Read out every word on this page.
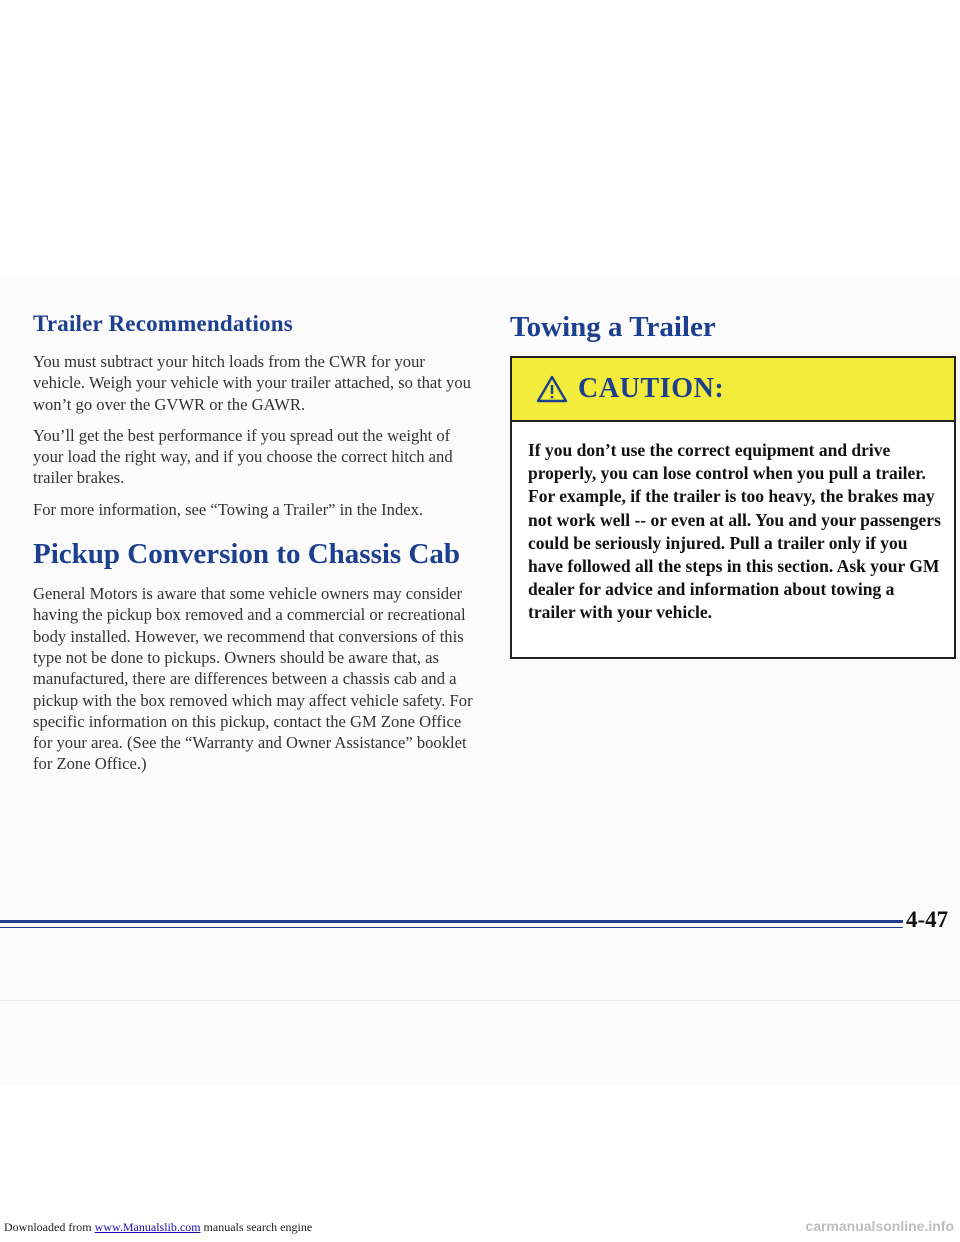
Trailer Recommendations

You must subtract your hitch loads from the CWR for your vehicle. Weigh your vehicle with your trailer attached, so that you won’t go over the GVWR or the GAWR.

You’ll get the best performance if you spread out the weight of your load the right way, and if you choose the correct hitch and trailer brakes.

For more information, see “Towing a Trailer” in the Index.

Pickup Conversion to Chassis Cab

General Motors is aware that some vehicle owners may consider having the pickup box removed and a commercial or recreational body installed. However, we recommend that conversions of this type not be done to pickups. Owners should be aware that, as manufactured, there are differences between a chassis cab and a pickup with the box removed which may affect vehicle safety. For specific information on this pickup, contact the GM Zone Office for your area. (See the “Warranty and Owner Assistance” booklet for Zone Office.)

Towing a Trailer
CAUTION:
If you don’t use the correct equipment and drive properly, you can lose control when you pull a trailer. For example, if the trailer is too heavy, the brakes may not work well -- or even at all. You and your passengers could be seriously injured. Pull a trailer only if you have followed all the steps in this section. Ask your GM dealer for advice and information about towing a trailer with your vehicle.
4-47
Downloaded from www.Manualslib.com manuals search engine	carmanualsonline.info
